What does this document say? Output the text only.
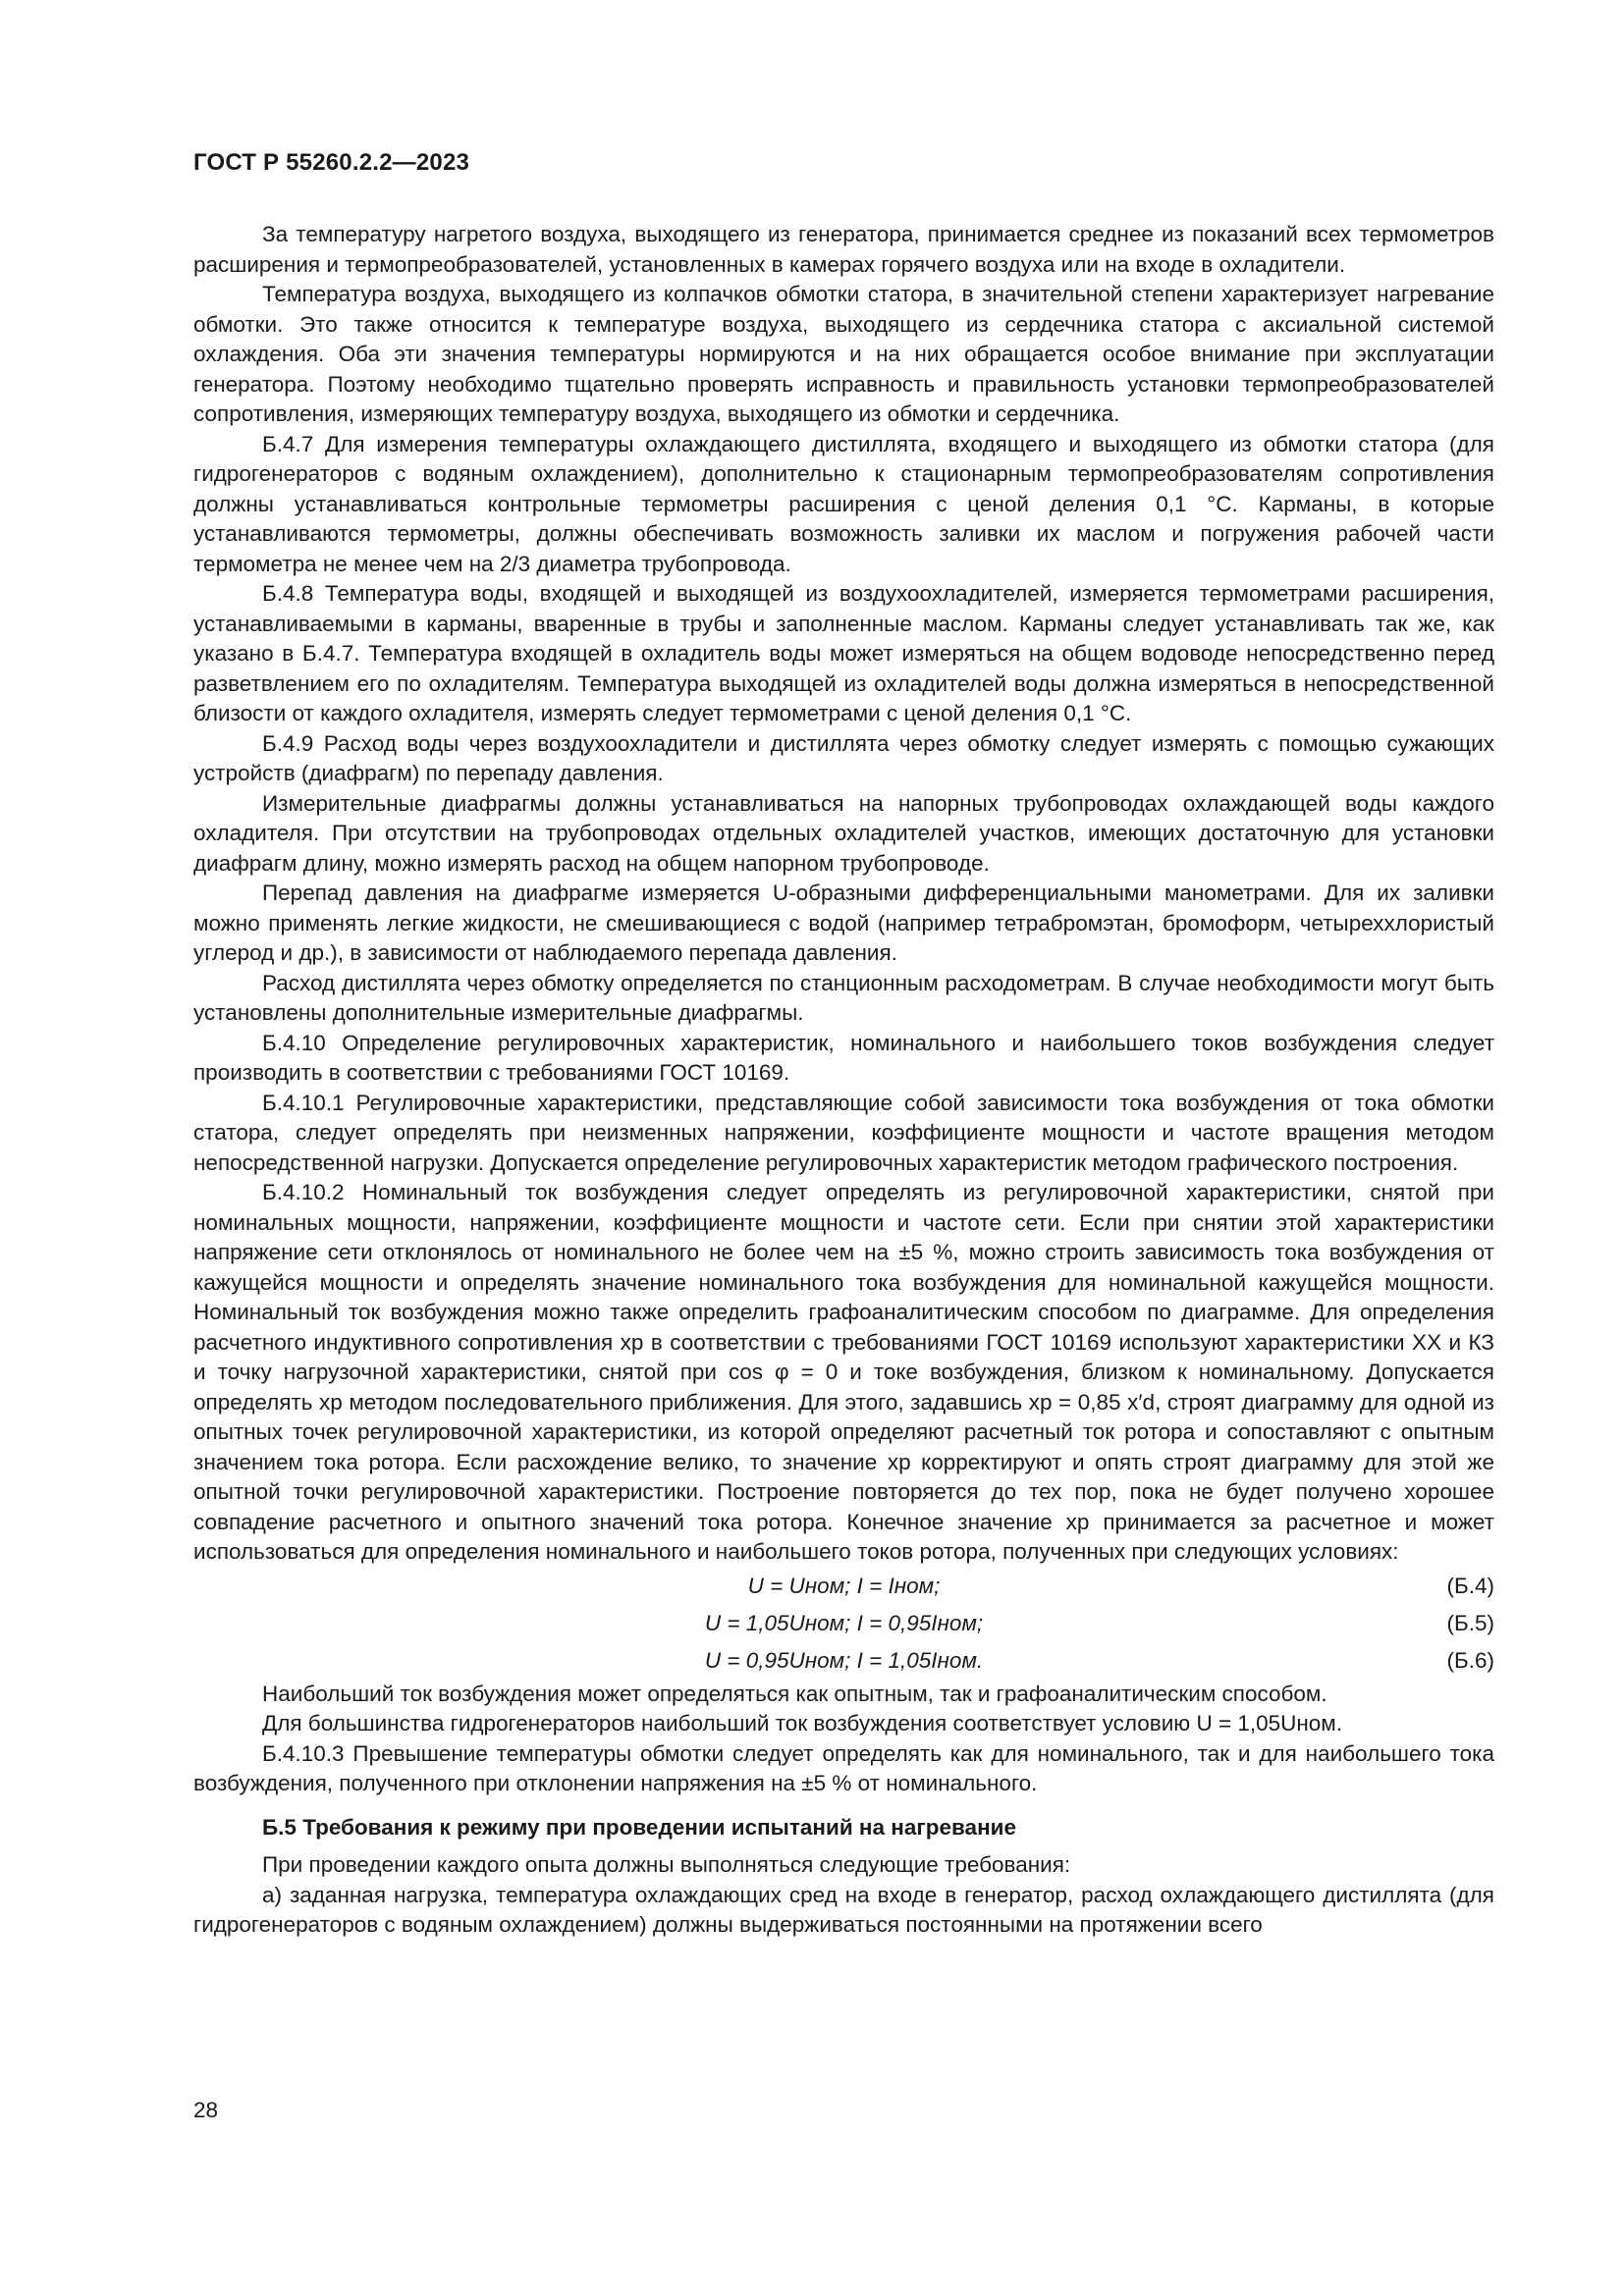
ГОСТ Р 55260.2.2—2023

За температуру нагретого воздуха, выходящего из генератора, принимается среднее из показаний всех термометров расширения и термопреобразователей, установленных в камерах горячего воздуха или на входе в охладители.

Температура воздуха, выходящего из колпачков обмотки статора, в значительной степени характеризует нагревание обмотки. Это также относится к температуре воздуха, выходящего из сердечника статора с аксиальной системой охлаждения. Оба эти значения температуры нормируются и на них обращается особое внимание при эксплуатации генератора. Поэтому необходимо тщательно проверять исправность и правильность установки термопреобразователей сопротивления, измеряющих температуру воздуха, выходящего из обмотки и сердечника.

Б.4.7 Для измерения температуры охлаждающего дистиллята, входящего и выходящего из обмотки статора (для гидрогенераторов с водяным охлаждением), дополнительно к стационарным термопреобразователям сопротивления должны устанавливаться контрольные термометры расширения с ценой деления 0,1 °С. Карманы, в которые устанавливаются термометры, должны обеспечивать возможность заливки их маслом и погружения рабочей части термометра не менее чем на 2/3 диаметра трубопровода.

Б.4.8 Температура воды, входящей и выходящей из воздухоохладителей, измеряется термометрами расширения, устанавливаемыми в карманы, вваренные в трубы и заполненные маслом. Карманы следует устанавливать так же, как указано в Б.4.7. Температура входящей в охладитель воды может измеряться на общем водоводе непосредственно перед разветвлением его по охладителям. Температура выходящей из охладителей воды должна измеряться в непосредственной близости от каждого охладителя, измерять следует термометрами с ценой деления 0,1 °С.

Б.4.9 Расход воды через воздухоохладители и дистиллята через обмотку следует измерять с помощью сужающих устройств (диафрагм) по перепаду давления.

Измерительные диафрагмы должны устанавливаться на напорных трубопроводах охлаждающей воды каждого охладителя. При отсутствии на трубопроводах отдельных охладителей участков, имеющих достаточную для установки диафрагм длину, можно измерять расход на общем напорном трубопроводе.

Перепад давления на диафрагме измеряется U-образными дифференциальными манометрами. Для их заливки можно применять легкие жидкости, не смешивающиеся с водой (например тетрабромэтан, бромоформ, четыреххлористый углерод и др.), в зависимости от наблюдаемого перепада давления.

Расход дистиллята через обмотку определяется по станционным расходометрам. В случае необходимости могут быть установлены дополнительные измерительные диафрагмы.

Б.4.10 Определение регулировочных характеристик, номинального и наибольшего токов возбуждения следует производить в соответствии с требованиями ГОСТ 10169.

Б.4.10.1 Регулировочные характеристики, представляющие собой зависимости тока возбуждения от тока обмотки статора, следует определять при неизменных напряжении, коэффициенте мощности и частоте вращения методом непосредственной нагрузки. Допускается определение регулировочных характеристик методом графического построения.

Б.4.10.2 Номинальный ток возбуждения следует определять из регулировочной характеристики, снятой при номинальных мощности, напряжении, коэффициенте мощности и частоте сети. Если при снятии этой характеристики напряжение сети отклонялось от номинального не более чем на ±5 %, можно строить зависимость тока возбуждения от кажущейся мощности и определять значение номинального тока возбуждения для номинальной кажущейся мощности. Номинальный ток возбуждения можно также определить графоаналитическим способом по диаграмме. Для определения расчетного индуктивного сопротивления xp в соответствии с требованиями ГОСТ 10169 используют характеристики ХХ и КЗ и точку нагрузочной характеристики, снятой при cos φ = 0 и токе возбуждения, близком к номинальному. Допускается определять xp методом последовательного приближения. Для этого, задавшись xp = 0,85 x′d, строят диаграмму для одной из опытных точек регулировочной характеристики, из которой определяют расчетный ток ротора и сопоставляют с опытным значением тока ротора. Если расхождение велико, то значение xp корректируют и опять строят диаграмму для этой же опытной точки регулировочной характеристики. Построение повторяется до тех пор, пока не будет получено хорошее совпадение расчетного и опытного значений тока ротора. Конечное значение xp принимается за расчетное и может использоваться для определения номинального и наибольшего токов ротора, полученных при следующих условиях:

U = Uном; I = Iном;	(Б.4)
U = 1,05Uном; I = 0,95Iном;	(Б.5)
U = 0,95Uном; I = 1,05Iном.	(Б.6)

Наибольший ток возбуждения может определяться как опытным, так и графоаналитическим способом.

Для большинства гидрогенераторов наибольший ток возбуждения соответствует условию U = 1,05Uном.

Б.4.10.3 Превышение температуры обмотки следует определять как для номинального, так и для наибольшего тока возбуждения, полученного при отклонении напряжения на ±5 % от номинального.

Б.5 Требования к режиму при проведении испытаний на нагревание

При проведении каждого опыта должны выполняться следующие требования:

а) заданная нагрузка, температура охлаждающих сред на входе в генератор, расход охлаждающего дистиллята (для гидрогенераторов с водяным охлаждением) должны выдерживаться постоянными на протяжении всего

28
